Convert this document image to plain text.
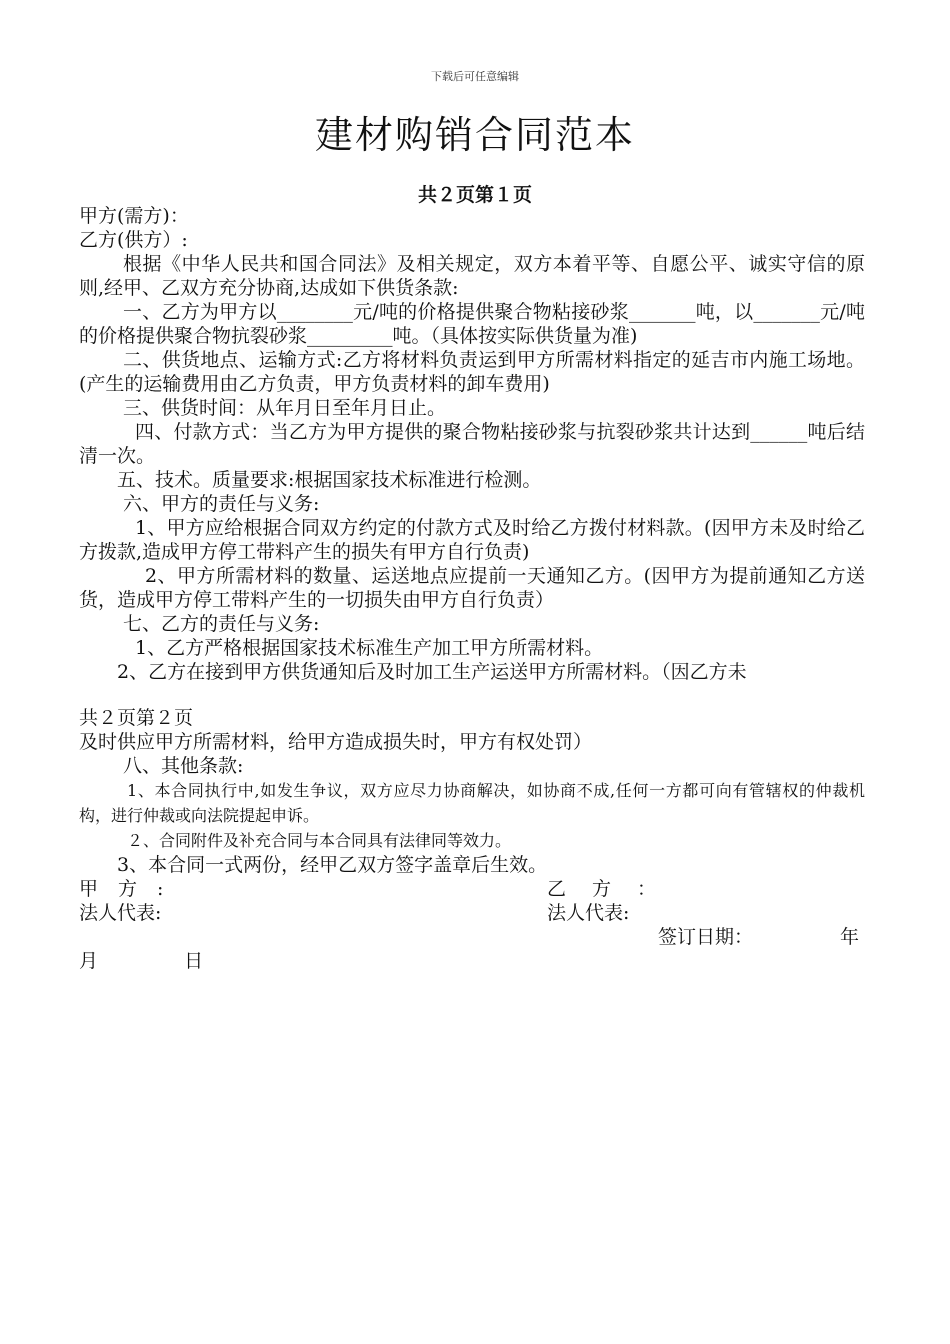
下载后可任意编辑
建材购销合同范本
共２页第１页

甲方(需方)：

乙方(供方）:

根据《中华人民共和国合同法》及相关规定，双方本着平等、自愿公平、诚实守信的原则,经甲、乙双方充分协商,达成如下供货条款:

一、乙方为甲方以________元/吨的价格提供聚合物粘接砂浆_______吨，以_______元/吨的价格提供聚合物抗裂砂浆_________吨。（具体按实际供货量为准)

二、供货地点、运输方式:乙方将材料负责运到甲方所需材料指定的延吉市内施工场地。(产生的运输费用由乙方负责，甲方负责材料的卸车费用)

三、供货时间：从年月日至年月日止。

四、付款方式：当乙方为甲方提供的聚合物粘接砂浆与抗裂砂浆共计达到______吨后结清一次。

五、技术。质量要求:根据国家技术标准进行检测。

六、甲方的责任与义务:

1、甲方应给根据合同双方约定的付款方式及时给乙方拨付材料款。(因甲方未及时给乙方拨款,造成甲方停工带料产生的损失有甲方自行负责)

2、甲方所需材料的数量、运送地点应提前一天通知乙方。(因甲方为提前通知乙方送货，造成甲方停工带料产生的一切损失由甲方自行负责）

七、乙方的责任与义务:

1、乙方严格根据国家技术标准生产加工甲方所需材料。

2、乙方在接到甲方供货通知后及时加工生产运送甲方所需材料。（因乙方未

共２页第２页

及时供应甲方所需材料，给甲方造成损失时，甲方有权处罚）

八、其他条款:

1、本合同执行中,如发生争议，双方应尽力协商解决，如协商不成,任何一方都可向有管辖权的仲裁机构，进行仲裁或向法院提起申诉。

２、合同附件及补充合同与本合同具有法律同等效力。

3、本合同一式两份，经甲乙双方签字盖章后生效。

甲方:	乙方：
法人代表:	法人代表:
签订日期：	年
月	日
